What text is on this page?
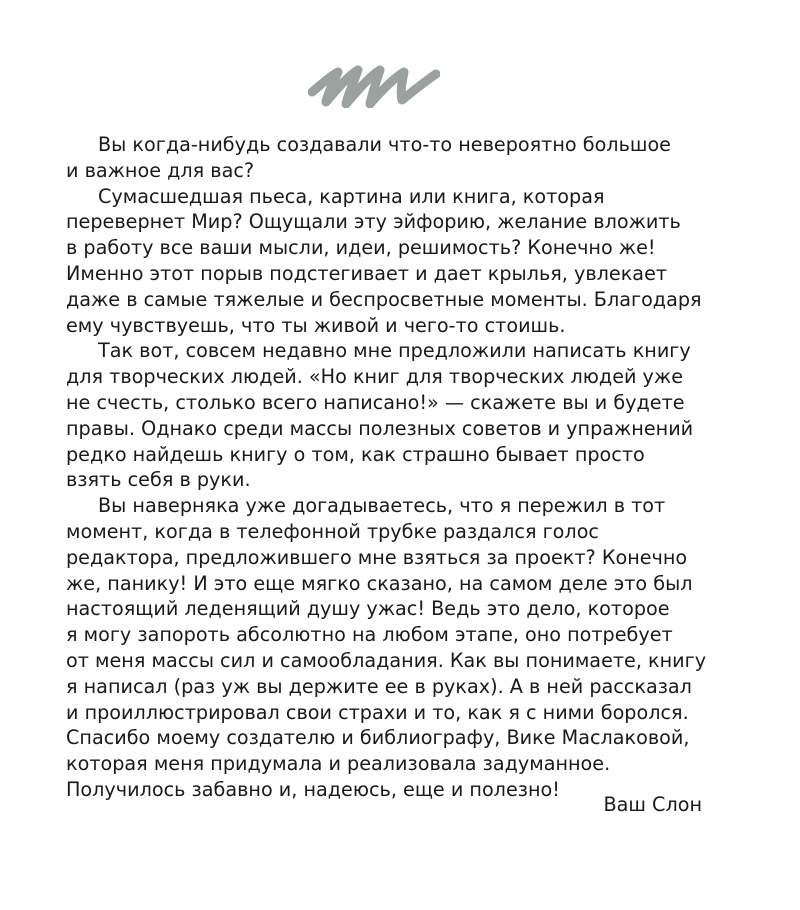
Вы когда-нибудь создавали что-то невероятно большое
и важное для вас?
Сумасшедшая пьеса, картина или книга, которая
перевернет Мир? Ощущали эту эйфорию, желание вложить
в работу все ваши мысли, идеи, решимость? Конечно же!
Именно этот порыв подстегивает и дает крылья, увлекает
даже в самые тяжелые и беспросветные моменты. Благодаря
ему чувствуешь, что ты живой и чего-то стоишь.
Так вот, совсем недавно мне предложили написать книгу
для творческих людей. «Но книг для творческих людей уже
не счесть, столько всего написано!» — скажете вы и будете
правы. Однако среди массы полезных советов и упражнений
редко найдешь книгу о том, как страшно бывает просто
взять себя в руки.
Вы наверняка уже догадываетесь, что я пережил в тот
момент, когда в телефонной трубке раздался голос
редактора, предложившего мне взяться за проект? Конечно
же, панику! И это еще мягко сказано, на самом деле это был
настоящий леденящий душу ужас! Ведь это дело, которое
я могу запороть абсолютно на любом этапе, оно потребует
от меня массы сил и самообладания. Как вы понимаете, книгу
я написал (раз уж вы держите ее в руках). А в ней рассказал
и проиллюстрировал свои страхи и то, как я с ними боролся.
Спасибо моему создателю и библиографу, Вике Маслаковой,
которая меня придумала и реализовала задуманное.
Получилось забавно и, надеюсь, еще и полезно!
Ваш Слон
